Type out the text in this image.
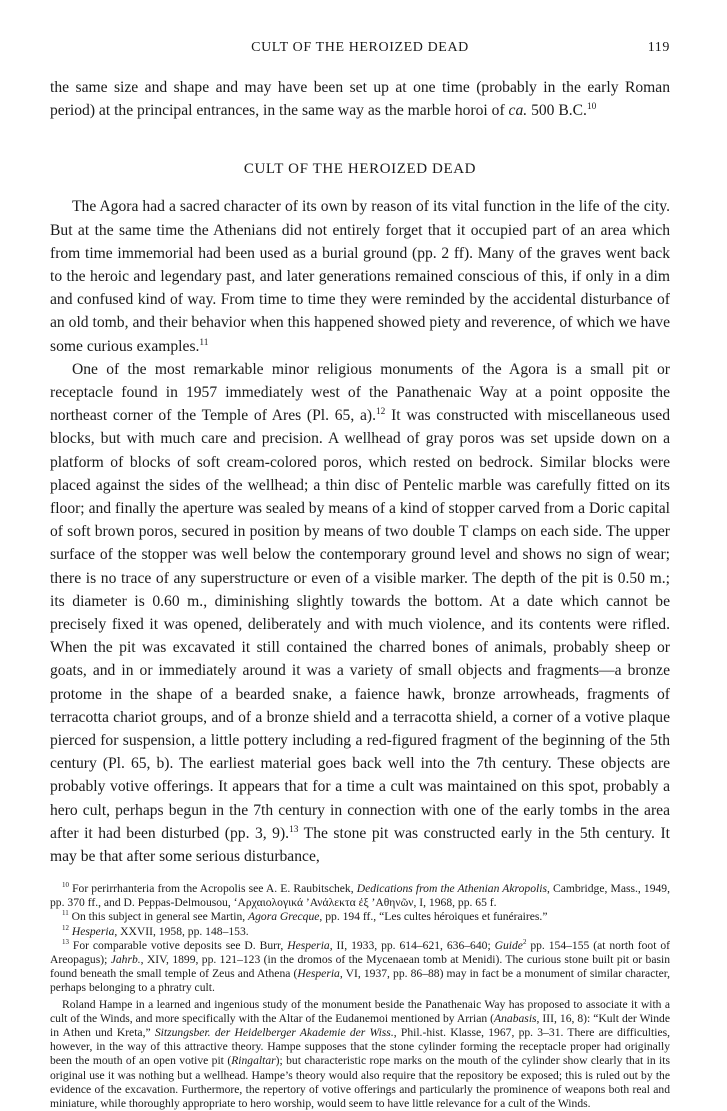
CULT OF THE HEROIZED DEAD	119

the same size and shape and may have been set up at one time (probably in the early Roman period) at the principal entrances, in the same way as the marble horoi of ca. 500 B.C.$^{10}$

CULT OF THE HEROIZED DEAD

The Agora had a sacred character of its own by reason of its vital function in the life of the city. But at the same time the Athenians did not entirely forget that it occupied part of an area which from time immemorial had been used as a burial ground (pp. 2 ff). Many of the graves went back to the heroic and legendary past, and later generations remained conscious of this, if only in a dim and confused kind of way. From time to time they were reminded by the accidental disturbance of an old tomb, and their behavior when this happened showed piety and reverence, of which we have some curious examples.$^{11}$

One of the most remarkable minor religious monuments of the Agora is a small pit or receptacle found in 1957 immediately west of the Panathenaic Way at a point opposite the northeast corner of the Temple of Ares (Pl. 65, a).$^{12}$ It was constructed with miscellaneous used blocks, but with much care and precision. A wellhead of gray poros was set upside down on a platform of blocks of soft cream-colored poros, which rested on bedrock. Similar blocks were placed against the sides of the wellhead; a thin disc of Pentelic marble was carefully fitted on its floor; and finally the aperture was sealed by means of a kind of stopper carved from a Doric capital of soft brown poros, secured in position by means of two double T clamps on each side. The upper surface of the stopper was well below the contemporary ground level and shows no sign of wear; there is no trace of any superstructure or even of a visible marker. The depth of the pit is 0.50 m.; its diameter is 0.60 m., diminishing slightly towards the bottom. At a date which cannot be precisely fixed it was opened, deliberately and with much violence, and its contents were rifled. When the pit was excavated it still contained the charred bones of animals, probably sheep or goats, and in or immediately around it was a variety of small objects and fragments—a bronze protome in the shape of a bearded snake, a faience hawk, bronze arrowheads, fragments of terracotta chariot groups, and of a bronze shield and a terracotta shield, a corner of a votive plaque pierced for suspension, a little pottery including a red-figured fragment of the beginning of the 5th century (Pl. 65, b). The earliest material goes back well into the 7th century. These objects are probably votive offerings. It appears that for a time a cult was maintained on this spot, probably a hero cult, perhaps begun in the 7th century in connection with one of the early tombs in the area after it had been disturbed (pp. 3, 9).$^{13}$ The stone pit was constructed early in the 5th century. It may be that after some serious disturbance,

$^{10}$ For perirrhanteria from the Acropolis see A. E. Raubitschek, Dedications from the Athenian Akropolis, Cambridge, Mass., 1949, pp. 370 ff., and D. Peppas-Delmousou, ‘Αρχαιολογικά ’Ανάλεκτα ἐξ ’Αθηνῶν, I, 1968, pp. 65 f.

$^{11}$ On this subject in general see Martin, Agora Grecque, pp. 194 ff., “Les cultes héroiques et funéraires.”

$^{12}$ Hesperia, XXVII, 1958, pp. 148–153.

$^{13}$ For comparable votive deposits see D. Burr, Hesperia, II, 1933, pp. 614–621, 636–640; Guide$^2$ pp. 154–155 (at north foot of Areopagus); Jahrb., XIV, 1899, pp. 121–123 (in the dromos of the Mycenaean tomb at Menidi). The curious stone built pit or basin found beneath the small temple of Zeus and Athena (Hesperia, VI, 1937, pp. 86–88) may in fact be a monument of similar character, perhaps belonging to a phratry cult.

Roland Hampe in a learned and ingenious study of the monument beside the Panathenaic Way has proposed to associate it with a cult of the Winds, and more specifically with the Altar of the Eudanemoi mentioned by Arrian (Anabasis, III, 16, 8): “Kult der Winde in Athen und Kreta,” Sitzungsber. der Heidelberger Akademie der Wiss., Phil.-hist. Klasse, 1967, pp. 3–31. There are difficulties, however, in the way of this attractive theory. Hampe supposes that the stone cylinder forming the receptacle proper had originally been the mouth of an open votive pit (Ringaltar); but characteristic rope marks on the mouth of the cylinder show clearly that in its original use it was nothing but a wellhead. Hampe’s theory would also require that the repository be exposed; this is ruled out by the evidence of the excavation. Furthermore, the repertory of votive offerings and particularly the prominence of weapons both real and miniature, while thoroughly appropriate to hero worship, would seem to have little relevance for a cult of the Winds.
